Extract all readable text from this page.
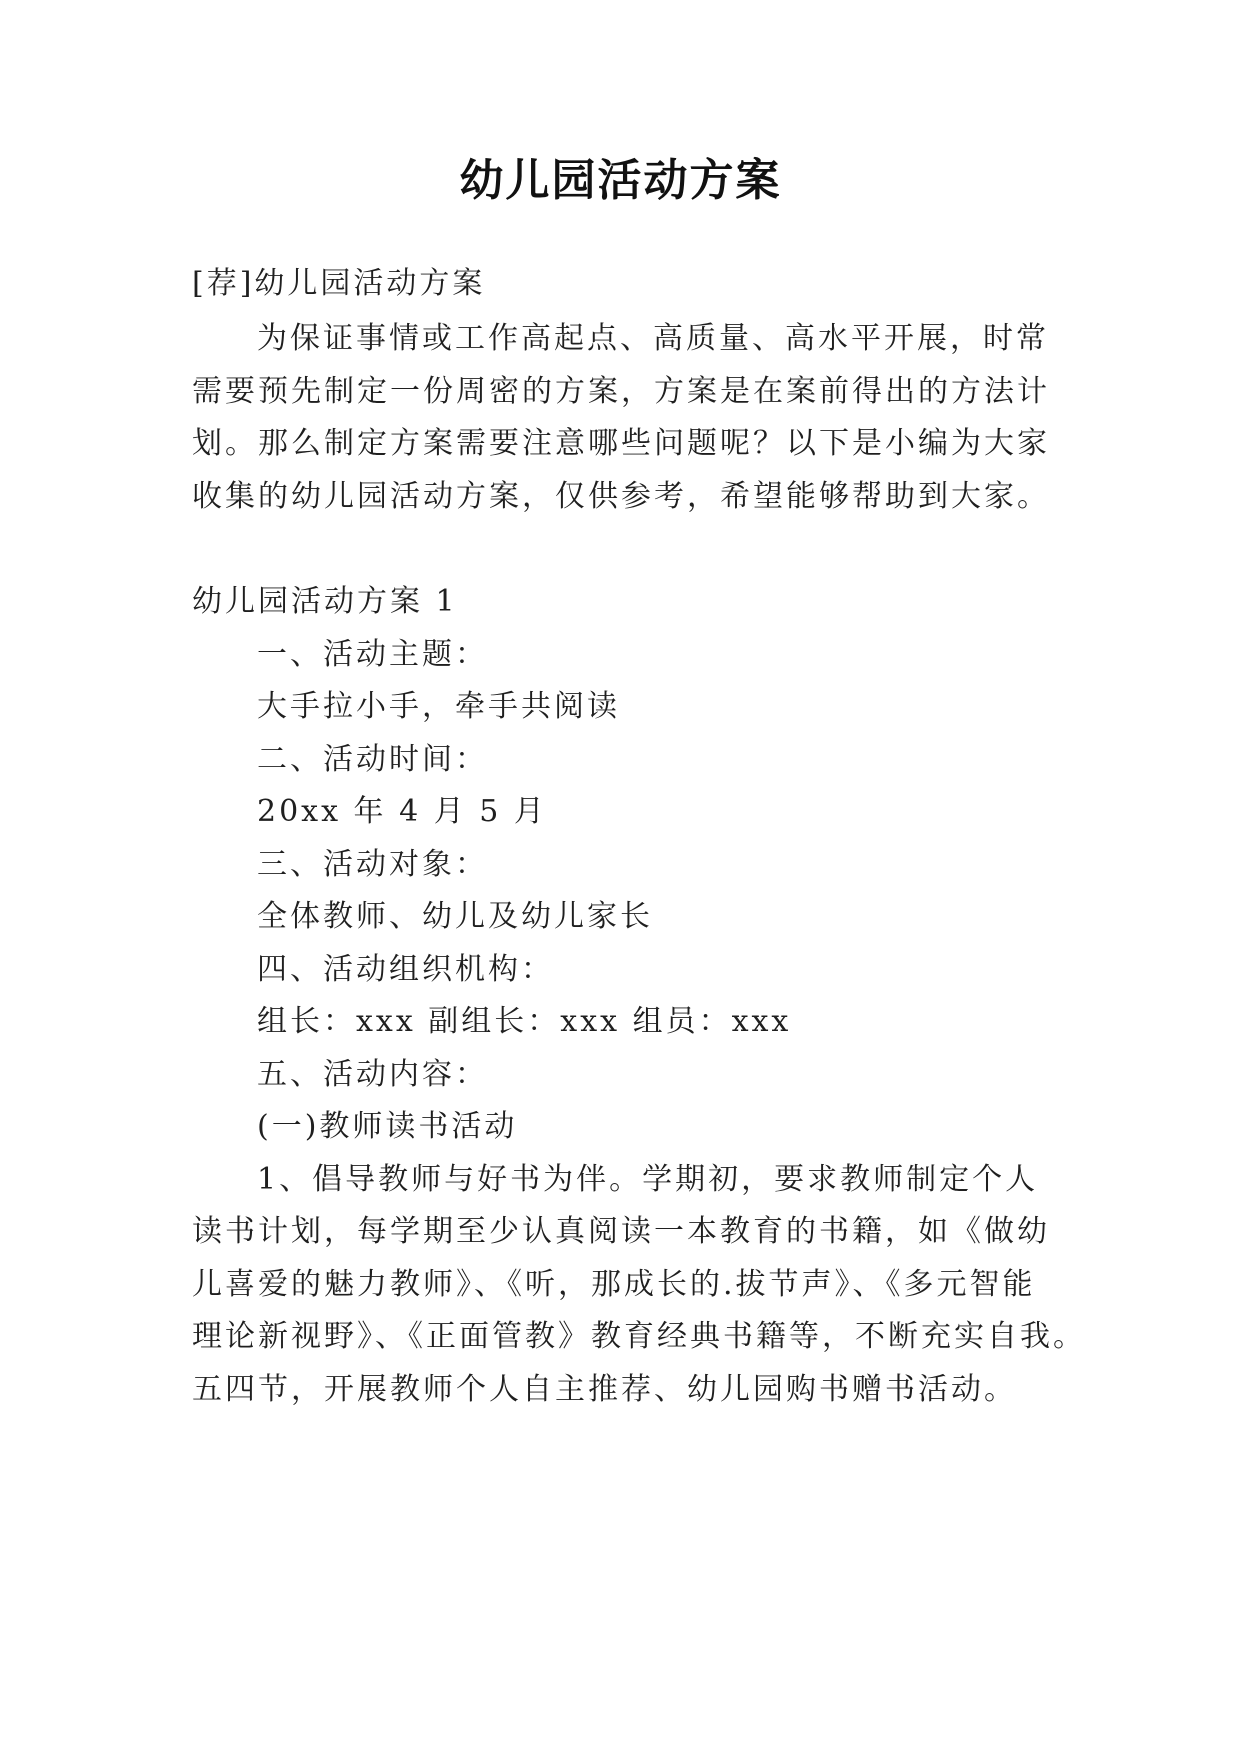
幼儿园活动方案
[荐]幼儿园活动方案
为保证事情或工作高起点、高质量、高水平开展，时常
需要预先制定一份周密的方案，方案是在案前得出的方法计
划。那么制定方案需要注意哪些问题呢？以下是小编为大家
收集的幼儿园活动方案，仅供参考，希望能够帮助到大家。
幼儿园活动方案 1
一、活动主题：
大手拉小手，牵手共阅读
二、活动时间：
20xx 年 4 月 5 月
三、活动对象：
全体教师、幼儿及幼儿家长
四、活动组织机构：
组长：xxx 副组长：xxx 组员：xxx
五、活动内容：
(一)教师读书活动
1、倡导教师与好书为伴。学期初，要求教师制定个人
读书计划，每学期至少认真阅读一本教育的书籍，如《做幼
儿喜爱的魅力教师》、《听，那成长的.拔节声》、《多元智能
理论新视野》、《正面管教》教育经典书籍等，不断充实自我。
五四节，开展教师个人自主推荐、幼儿园购书赠书活动。
